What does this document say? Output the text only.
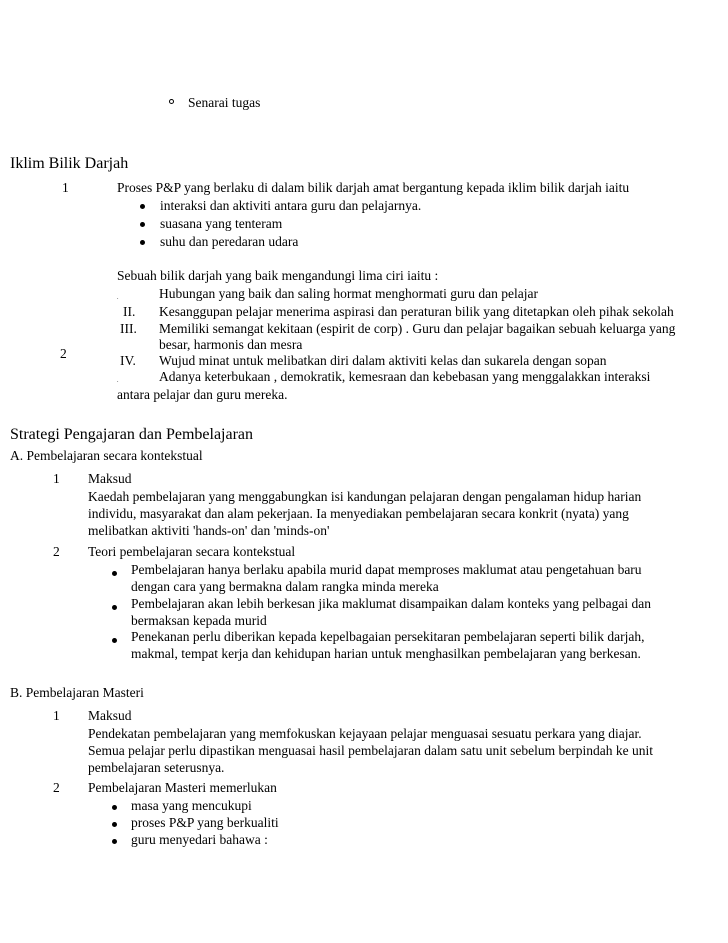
Senarai tugas
Iklim Bilik Darjah
1	Proses P&P yang berlaku di dalam bilik darjah amat bergantung kepada iklim bilik darjah iaitu
interaksi dan aktiviti antara guru dan pelajarnya.
suasana yang tenteram
suhu dan peredaran udara
2
Sebuah bilik darjah yang baik mengandungi lima ciri iaitu :
.	Hubungan yang baik dan saling hormat menghormati guru dan pelajar
II. Kesanggupan pelajar menerima aspirasi dan peraturan bilik yang ditetapkan oleh pihak sekolah
III. Memiliki semangat kekitaan (espirit de corp) . Guru dan pelajar bagaikan sebuah keluarga yang
besar, harmonis dan mesra
IV. Wujud minat untuk melibatkan diri dalam aktiviti kelas dan sukarela dengan sopan
.	Adanya keterbukaan , demokratik, kemesraan dan kebebasan yang menggalakkan interaksi
antara pelajar dan guru mereka.
Strategi Pengajaran dan Pembelajaran
A. Pembelajaran secara kontekstual
1 Maksud
Kaedah pembelajaran yang menggabungkan isi kandungan pelajaran dengan pengalaman hidup harian
individu, masyarakat dan alam pekerjaan. Ia menyediakan pembelajaran secara konkrit (nyata) yang
melibatkan aktiviti 'hands-on' dan 'minds-on'
2 Teori pembelajaran secara kontekstual
Pembelajaran hanya berlaku apabila murid dapat memproses maklumat atau pengetahuan baru
dengan cara yang bermakna dalam rangka minda mereka
Pembelajaran akan lebih berkesan jika maklumat disampaikan dalam konteks yang pelbagai dan
bermaksan kepada murid
Penekanan perlu diberikan kepada kepelbagaian persekitaran pembelajaran seperti bilik darjah,
makmal, tempat kerja dan kehidupan harian untuk menghasilkan pembelajaran yang berkesan.
B. Pembelajaran Masteri
1 Maksud
Pendekatan pembelajaran yang memfokuskan kejayaan pelajar menguasai sesuatu perkara yang diajar.
Semua pelajar perlu dipastikan menguasai hasil pembelajaran dalam satu unit sebelum berpindah ke unit
pembelajaran seterusnya.
2 Pembelajaran Masteri memerlukan
masa yang mencukupi
proses P&P yang berkualiti
guru menyedari bahawa :
